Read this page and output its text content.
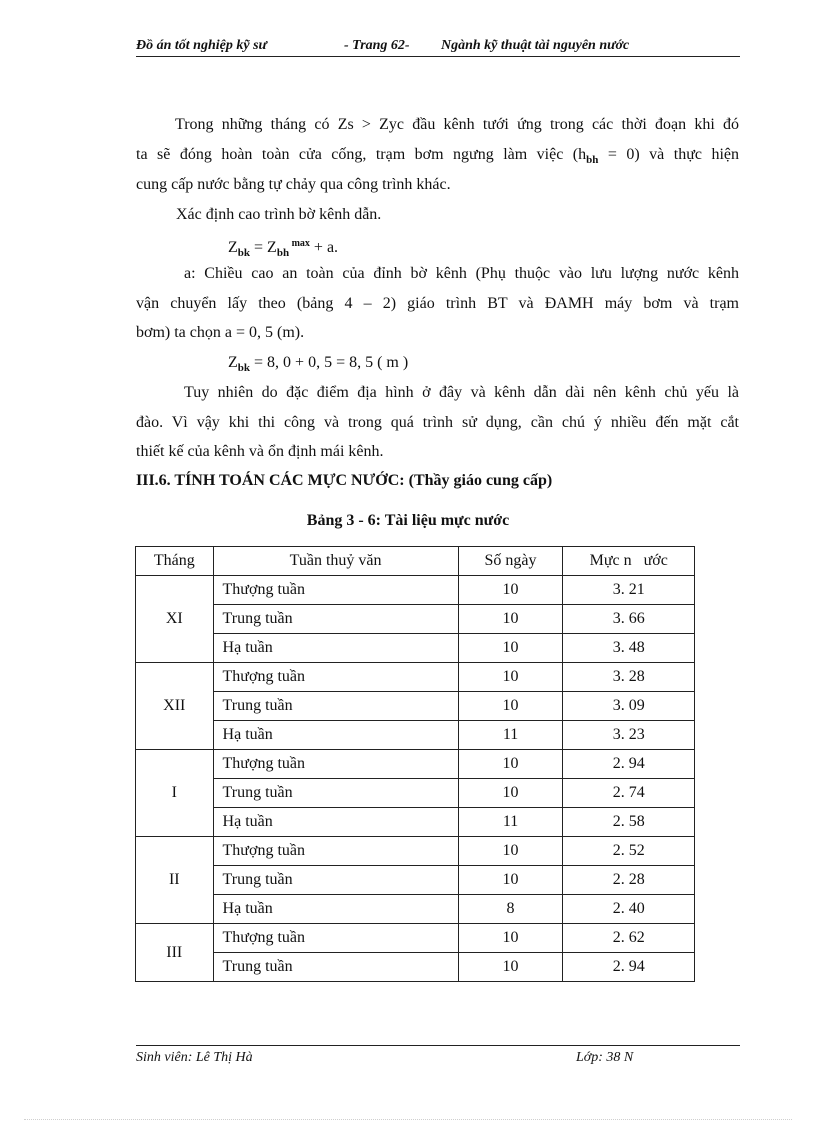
Đồ án tốt nghiệp kỹ sư	- Trang 62- Ngành kỹ thuật tài nguyên nước
Trong những tháng có Zs > Zyc đầu kênh tưới ứng trong các thời đoạn khi đó
ta sẽ đóng hoàn toàn cửa cống, trạm bơm ngưng làm việc $(h_{bh} = 0)$ và thực hiện
cung cấp nước bằng tự chảy qua công trình khác.
Xác định cao trình bờ kênh dẫn.
$Z_{bk} = Z_{bh}$ $^{max}$ + a.
a: Chiều cao an toàn của đỉnh bờ kênh (Phụ thuộc vào lưu lượng nước kênh
vận chuyển lấy theo (bảng 4 – 2) giáo trình BT và ĐAMH máy bơm và trạm
bơm) ta chọn a = 0, 5 (m).
$Z_{bk} = 8$, 0 + 0, 5 = 8, 5 ( m )
Tuy nhiên do đặc điểm địa hình ở đây và kênh dẫn dài nên kênh chủ yếu là
đào. Vì vậy khi thi công và trong quá trình sử dụng, cần chú ý nhiều đến mặt cắt
thiết kế của kênh và ổn định mái kênh.
III.6. TÍNH TOÁN CÁC MỰC NƯỚC: (Thầy giáo cung cấp)
Bảng 3 - 6: Tài liệu mực nước
Tháng	Tuần thuỷ văn	Số ngày	Mực n   ước
XI	Thượng tuần	10	3. 21
	Trung tuần	10	3. 66
	Hạ tuần	10	3. 48
XII	Thượng tuần	10	3. 28
	Trung tuần	10	3. 09
	Hạ tuần	11	3. 23
I	Thượng tuần	10	2. 94
	Trung tuần	10	2. 74
	Hạ tuần	11	2. 58
II	Thượng tuần	10	2. 52
	Trung tuần	10	2. 28
	Hạ tuần	8	2. 40
III	Thượng tuần	10	2. 62
	Trung tuần	10	2. 94
Sinh viên: Lê Thị Hà	Lớp: 38 N
